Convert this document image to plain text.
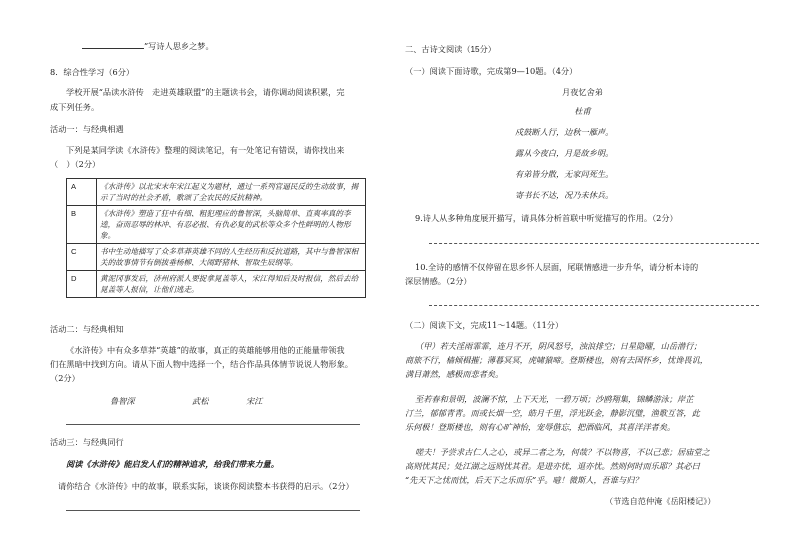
”写诗人思乡之梦。
8．综合性学习（6分）
学校开展“品读水浒传　走进英雄联盟”的主题读书会，请你调动阅读积累，完
成下列任务。
活动一：与经典相遇
下列是某同学读《水浒传》整理的阅读笔记，有一处笔记有错误，请你找出来
（　）（2分）
A	《水浒传》以北宋末年宋江起义为题材，通过一系列官逼民反的生动故事，揭示了当时的社会矛盾，歌颂了全农民的反抗精神。
B	《水浒传》塑造了狂中有细、粗犯理应的鲁智深，头脑简单、直爽率真的李逵，奋而忍辱的林冲、有忍必报、有仇必复的武松等众多个性鲜明的人物形象。
C	书中生动地描写了众多草莽英雄不同的人生经历和反抗道路，其中与鲁智深相关的故事情节有倒拔垂杨柳、大闹野猪林、智取生辰纲等。
D	黄泥冈事发后，济州府派人要捉拿晁盖等人，宋江得知后及时报信，然后去给晁盖等人报信，让他们逃走。
活动二：与经典相知
《水浒传》中有众多草莽“英雄”的故事，真正的英雄能够用他的正能量带领我
们在黑暗中找到方向。请从下面人物中选择一个，结合作品具体情节说说人物形象。
（2分）
鲁智深	武松	宋江
活动三：与经典同行
阅读《水浒传》能启发人们的精神追求，给我们带来力量。
请你结合《水浒传》中的故事，联系实际，谈谈你阅读整本书获得的启示。（2分）
二、古诗文阅读（15分）
（一）阅读下面诗歌，完成第9—10题。（4分）
月夜忆舍弟
杜甫
戍鼓断人行，边秋一雁声。
露从今夜白，月是故乡明。
有弟皆分散，无家问死生。
寄书长不达，况乃未休兵。
9.诗人从多种角度展开描写，请具体分析首联中听觉描写的作用。（2分）
10.全诗的感情不仅停留在思乡怀人层面，尾联情感进一步升华，请分析本诗的
深层情感。（2分）
（二）阅读下文，完成11～14题。（11分）
（甲）若夫淫雨霏霏，连月不开，阴风怒号，浊浪排空；日星隐曜，山岳潜行；
商旅不行，樯倾楫摧；薄暮冥冥，虎啸猿啼。登斯楼也，则有去国怀乡，忧谗畏讥，
满目萧然，感极而悲者矣。
至若春和景明，波澜不惊，上下天光，一碧万顷；沙鸥翔集，锦鳞游泳；岸芷
汀兰，郁郁青青。而或长烟一空，皓月千里，浮光跃金，静影沉璧，渔歌互答，此
乐何极！登斯楼也，则有心旷神怡，宠辱偕忘，把酒临风，其喜洋洋者矣。
嗟夫！予尝求古仁人之心，或异二者之为，何哉？不以物喜，不以己悲；居庙堂之
高则忧其民；处江湖之远则忧其君。是进亦忧，退亦忧。然则何时而乐耶？其必曰
“先天下之忧而忧，后天下之乐而乐”乎。噫！微斯人，吾谁与归？
（节选自范仲淹《岳阳楼记》）
